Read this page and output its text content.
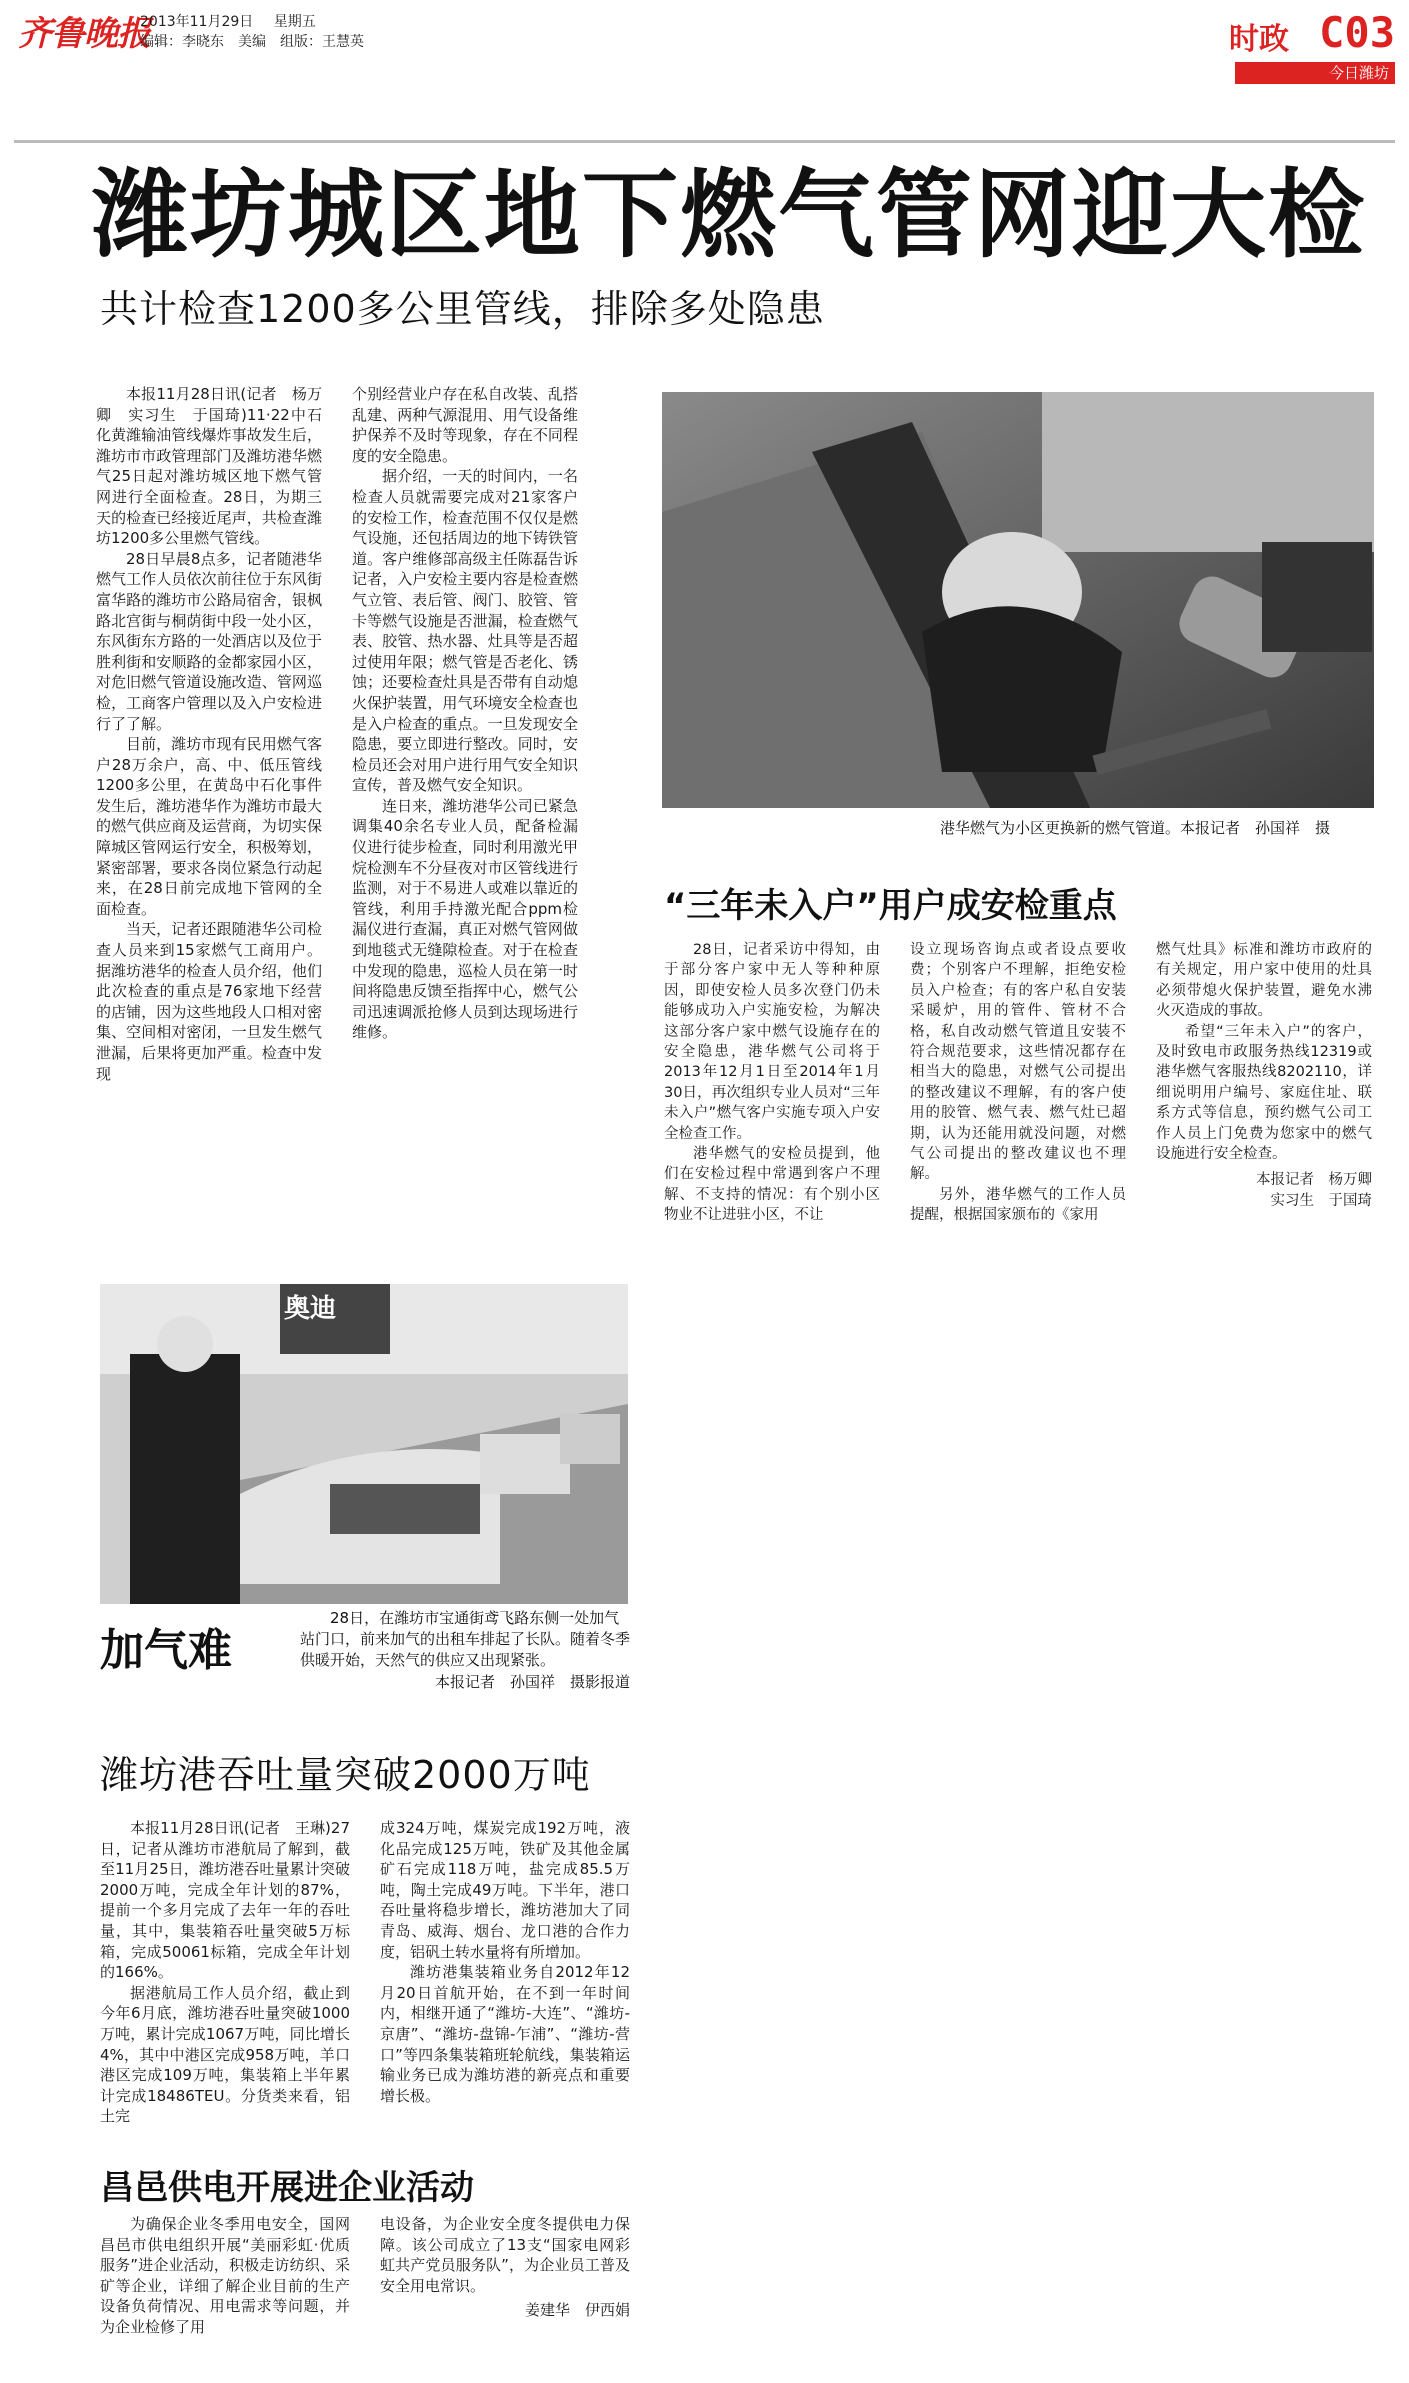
齐鲁晚报
2013年11月29日 星期五
编辑：李晓东　美编　组版：王慧英	时政 C03
今日潍坊
潍坊城区地下燃气管网迎大检
共计检查1200多公里管线，排除多处隐患

本报11月28日讯(记者　杨万卿　实习生　于国琦)11·22中石化黄潍输油管线爆炸事故发生后，潍坊市市政管理部门及潍坊港华燃气25日起对潍坊城区地下燃气管网进行全面检查。28日，为期三天的检查已经接近尾声，共检查潍坊1200多公里燃气管线。

28日早晨8点多，记者随港华燃气工作人员依次前往位于东风街富华路的潍坊市公路局宿舍，银枫路北宫街与桐荫街中段一处小区，东风街东方路的一处酒店以及位于胜利街和安顺路的金都家园小区，对危旧燃气管道设施改造、管网巡检，工商客户管理以及入户安检进行了了解。

目前，潍坊市现有民用燃气客户28万余户，高、中、低压管线1200多公里，在黄岛中石化事件发生后，潍坊港华作为潍坊市最大的燃气供应商及运营商，为切实保障城区管网运行安全，积极筹划，紧密部署，要求各岗位紧急行动起来，在28日前完成地下管网的全面检查。

当天，记者还跟随港华公司检查人员来到15家燃气工商用户。据潍坊港华的检查人员介绍，他们此次检查的重点是76家地下经营的店铺，因为这些地段人口相对密集、空间相对密闭，一旦发生燃气泄漏，后果将更加严重。检查中发现

个别经营业户存在私自改装、乱搭乱建、两种气源混用、用气设备维护保养不及时等现象，存在不同程度的安全隐患。

据介绍，一天的时间内，一名检查人员就需要完成对21家客户的安检工作，检查范围不仅仅是燃气设施，还包括周边的地下铸铁管道。客户维修部高级主任陈磊告诉记者，入户安检主要内容是检查燃气立管、表后管、阀门、胶管、管卡等燃气设施是否泄漏，检查燃气表、胶管、热水器、灶具等是否超过使用年限；燃气管是否老化、锈蚀；还要检查灶具是否带有自动熄火保护装置，用气环境安全检查也是入户检查的重点。一旦发现安全隐患，要立即进行整改。同时，安检员还会对用户进行用气安全知识宣传，普及燃气安全知识。

连日来，潍坊港华公司已紧急调集40余名专业人员，配备检漏仪进行徒步检查，同时利用激光甲烷检测车不分昼夜对市区管线进行监测，对于不易进人或难以靠近的管线，利用手持激光配合ppm检漏仪进行查漏，真正对燃气管网做到地毯式无缝隙检查。对于在检查中发现的隐患，巡检人员在第一时间将隐患反馈至指挥中心，燃气公司迅速调派抢修人员到达现场进行维修。

港华燃气为小区更换新的燃气管道。本报记者　孙国祥　摄
“三年未入户”用户成安检重点

28日，记者采访中得知，由于部分客户家中无人等种种原因，即使安检人员多次登门仍未能够成功入户实施安检，为解决这部分客户家中燃气设施存在的安全隐患，港华燃气公司将于2013年12月1日至2014年1月30日，再次组织专业人员对“三年未入户”燃气客户实施专项入户安全检查工作。

港华燃气的安检员提到，他们在安检过程中常遇到客户不理解、不支持的情况：有个别小区物业不让进驻小区，不让

设立现场咨询点或者设点要收费；个别客户不理解，拒绝安检员入户检查；有的客户私自安装采暖炉，用的管件、管材不合格，私自改动燃气管道且安装不符合规范要求，这些情况都存在相当大的隐患，对燃气公司提出的整改建议不理解，有的客户使用的胶管、燃气表、燃气灶已超期，认为还能用就没问题，对燃气公司提出的整改建议也不理解。

另外，港华燃气的工作人员提醒，根据国家颁布的《家用

燃气灶具》标准和潍坊市政府的有关规定，用户家中使用的灶具必须带熄火保护装置，避免水沸火灭造成的事故。

希望“三年未入户”的客户，及时致电市政服务热线12319或港华燃气客服热线8202110，详细说明用户编号、家庭住址、联系方式等信息，预约燃气公司工作人员上门免费为您家中的燃气设施进行安全检查。

本报记者　杨万卿

实习生　于国琦

奥迪
加气难
28日，在潍坊市宝通街鸢飞路东侧一处加气站门口，前来加气的出租车排起了长队。随着冬季供暖开始，天然气的供应又出现紧张。
本报记者　孙国祥　摄影报道
潍坊港吞吐量突破2000万吨

本报11月28日讯(记者　王琳)27日，记者从潍坊市港航局了解到，截至11月25日，潍坊港吞吐量累计突破2000万吨，完成全年计划的87%，提前一个多月完成了去年一年的吞吐量，其中，集装箱吞吐量突破5万标箱，完成50061标箱，完成全年计划的166%。

据港航局工作人员介绍，截止到今年6月底，潍坊港吞吐量突破1000万吨，累计完成1067万吨，同比增长4%，其中中港区完成958万吨，羊口港区完成109万吨，集装箱上半年累计完成18486TEU。分货类来看，铝土完

成324万吨，煤炭完成192万吨，液化品完成125万吨，铁矿及其他金属矿石完成118万吨，盐完成85.5万吨，陶土完成49万吨。下半年，港口吞吐量将稳步增长，潍坊港加大了同青岛、威海、烟台、龙口港的合作力度，铝矾土转水量将有所增加。

潍坊港集装箱业务自2012年12月20日首航开始，在不到一年时间内，相继开通了“潍坊-大连”、“潍坊-京唐”、“潍坊-盘锦-乍浦”、“潍坊-营口”等四条集装箱班轮航线，集装箱运输业务已成为潍坊港的新亮点和重要增长极。

昌邑供电开展进企业活动

为确保企业冬季用电安全，国网昌邑市供电组织开展“美丽彩虹·优质服务”进企业活动，积极走访纺织、采矿等企业，详细了解企业目前的生产设备负荷情况、用电需求等问题，并为企业检修了用

电设备，为企业安全度冬提供电力保障。该公司成立了13支“国家电网彩虹共产党员服务队”，为企业员工普及安全用电常识。

姜建华　伊西娟
